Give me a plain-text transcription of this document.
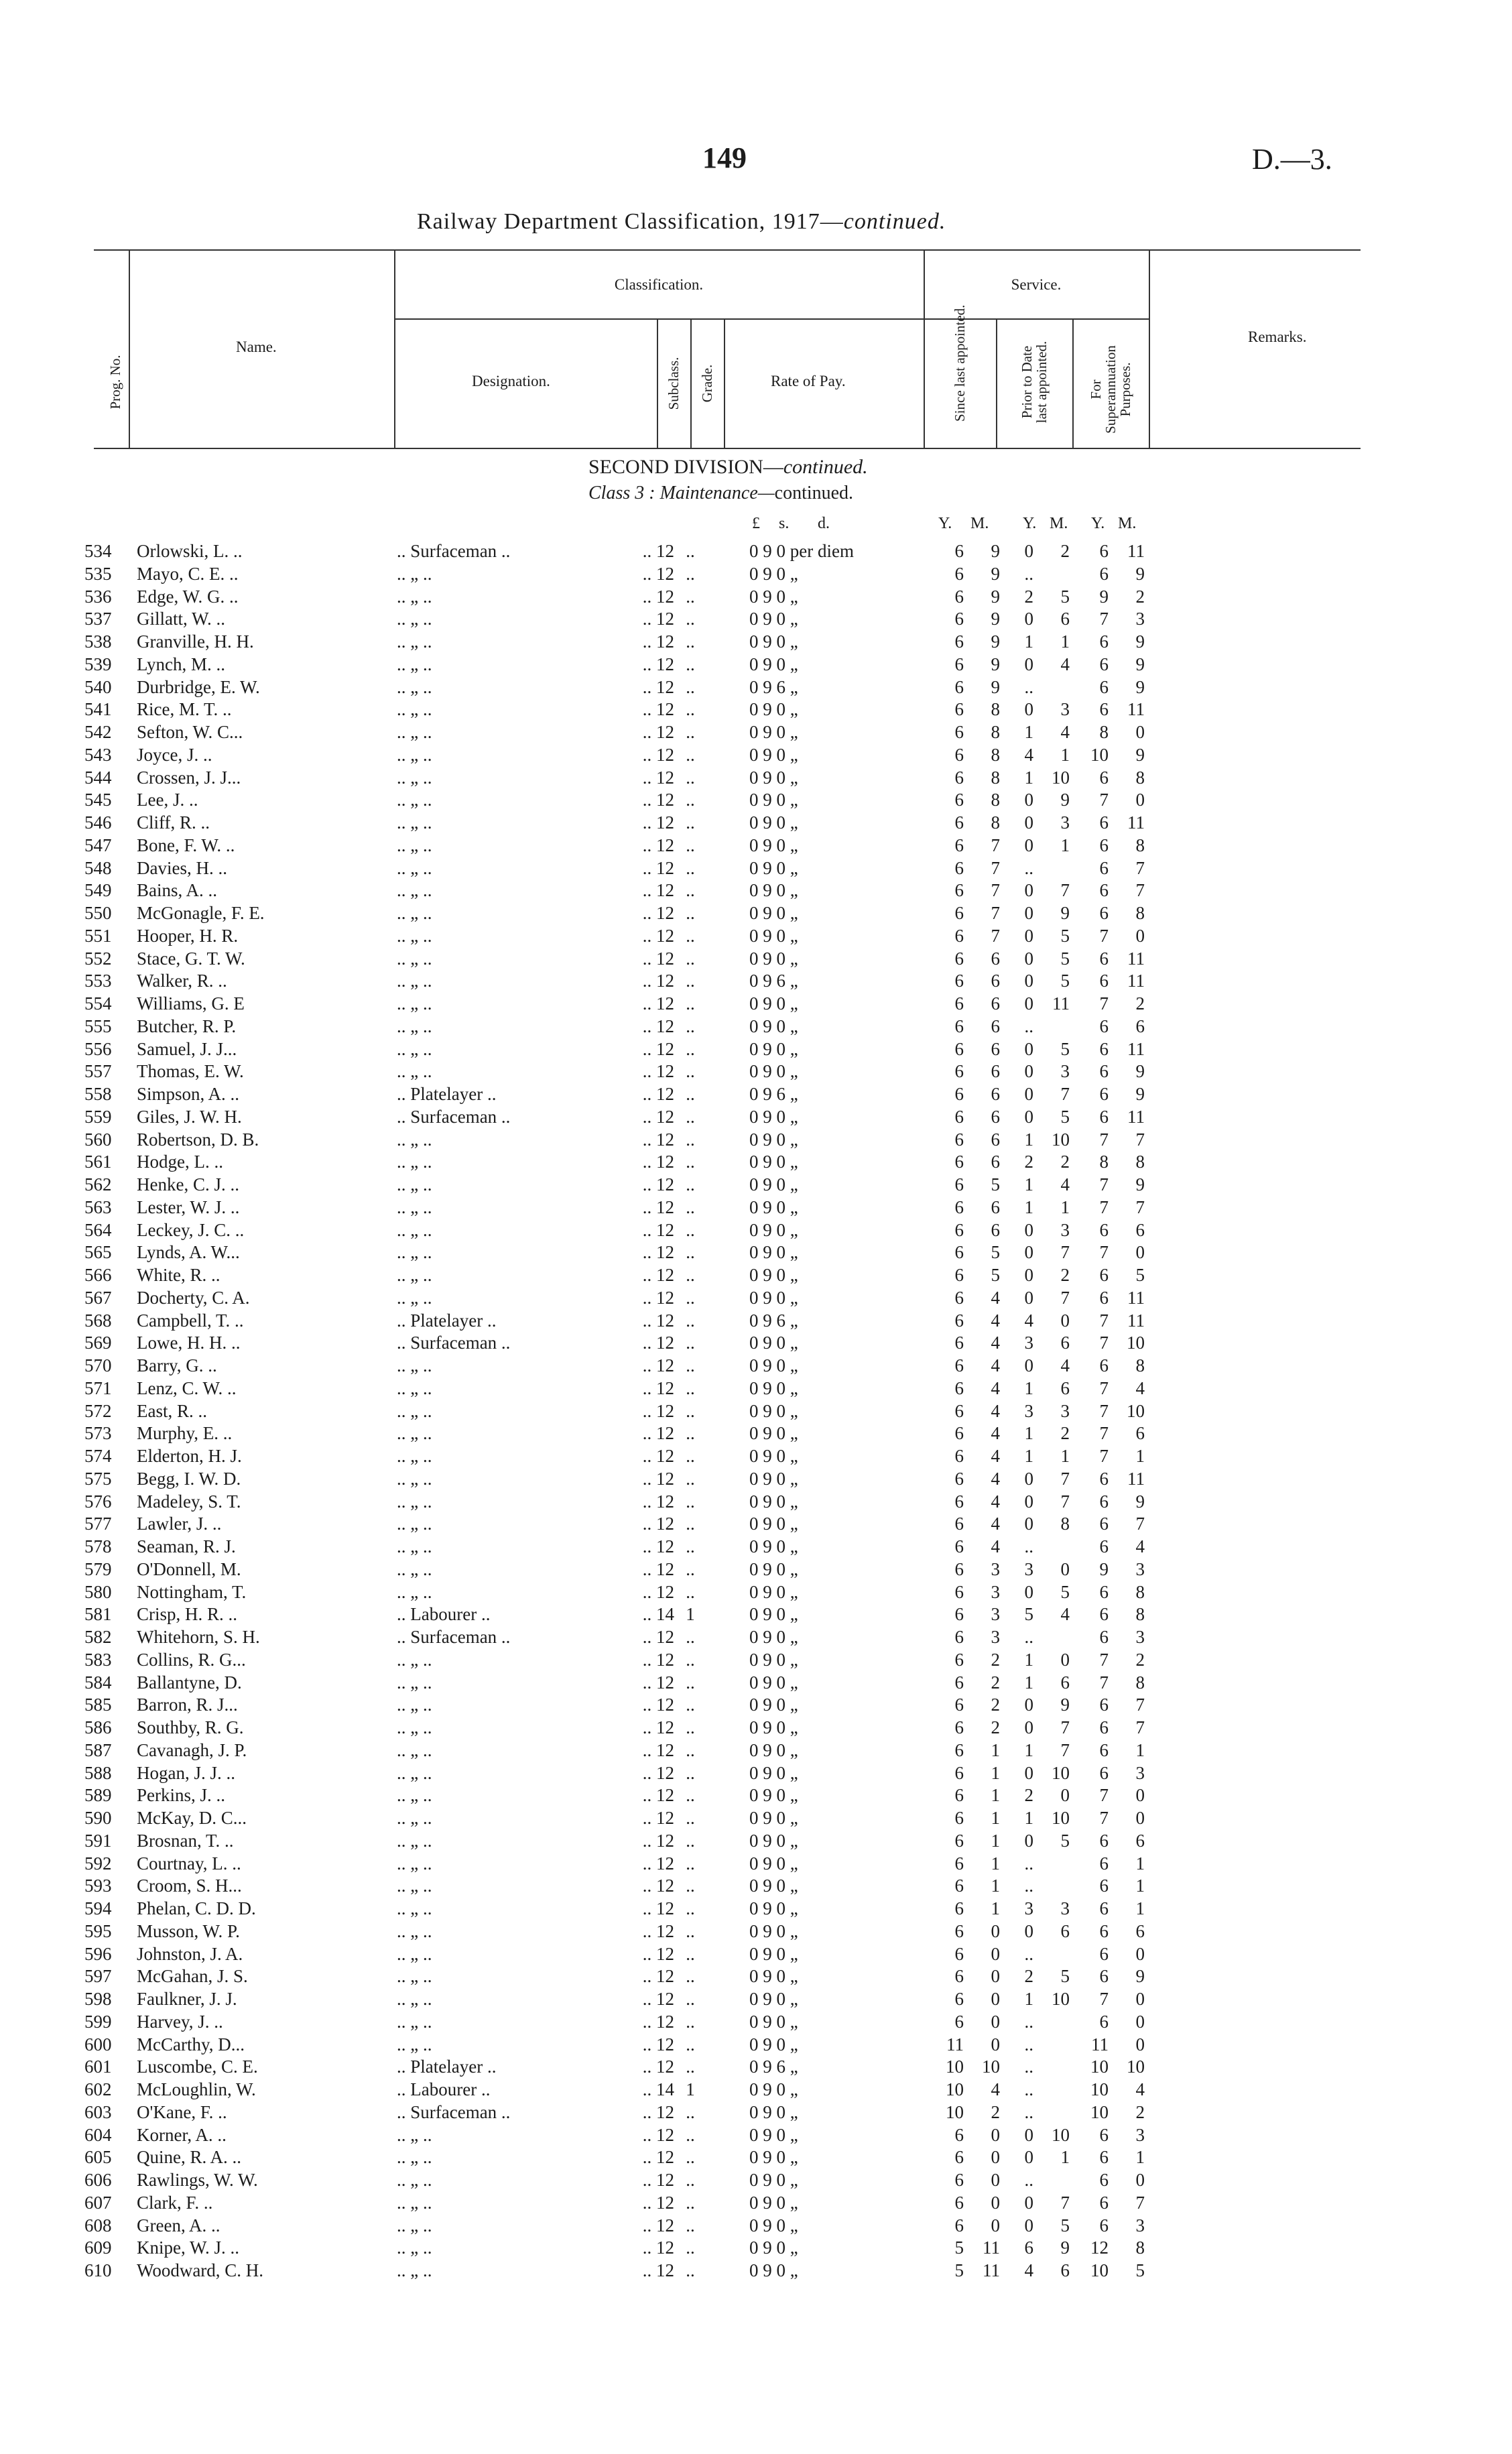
149	D.—3.
Railway Department Classification, 1917—continued.
Prog. No.
Name.
Classification.	Service.
Designation.	Subclass. Grade.	Rate of Pay.	Since last appointed.	Prior to Date last appointed.	For Superannuation Purposes.
Remarks.
SECOND DIVISION—continued.
Class 3 : Maintenance—continued.
£ s. d.	Y. M. Y. M. Y. M.
534 Orlowski, L. ..	.. Surfaceman ..	.. 12 ..	0 9 0 per diem	6	9	0	2	6	11
535 Mayo, C. E. ..	.. „ ..	.. 12 ..	0 9 0 „	6	9	..	6	9
536 Edge, W. G. ..	.. „ ..	.. 12 ..	0 9 0 „	6	9	2	5	9	2
537 Gillatt, W. ..	.. „ ..	.. 12 ..	0 9 0 „	6	9	0	6	7	3
538 Granville, H. H.	.. „ ..	.. 12 ..	0 9 0 „	6	9	1	1	6	9
539 Lynch, M. ..	.. „ ..	.. 12 ..	0 9 0 „	6	9	0	4	6	9
540 Durbridge, E. W.	.. „ ..	.. 12 ..	0 9 6 „	6	9	..	6	9
541 Rice, M. T. ..	.. „ ..	.. 12 ..	0 9 0 „	6	8	0	3	6	11
542 Sefton, W. C...	.. „ ..	.. 12 ..	0 9 0 „	6	8	1	4	8	0
543 Joyce, J. ..	.. „ ..	.. 12 ..	0 9 0 „	6	8	4	1	10	9
544 Crossen, J. J...	.. „ ..	.. 12 ..	0 9 0 „	6	8	1	10	6	8
545 Lee, J. ..	.. „ ..	.. 12 ..	0 9 0 „	6	8	0	9	7	0
546 Cliff, R. ..	.. „ ..	.. 12 ..	0 9 0 „	6	8	0	3	6	11
547 Bone, F. W. ..	.. „ ..	.. 12 ..	0 9 0 „	6	7	0	1	6	8
548 Davies, H. ..	.. „ ..	.. 12 ..	0 9 0 „	6	7	..	6	7
549 Bains, A. ..	.. „ ..	.. 12 ..	0 9 0 „	6	7	0	7	6	7
550 McGonagle, F. E.	.. „ ..	.. 12 ..	0 9 0 „	6	7	0	9	6	8
551 Hooper, H. R.	.. „ ..	.. 12 ..	0 9 0 „	6	7	0	5	7	0
552 Stace, G. T. W.	.. „ ..	.. 12 ..	0 9 0 „	6	6	0	5	6	11
553 Walker, R. ..	.. „ ..	.. 12 ..	0 9 6 „	6	6	0	5	6	11
554 Williams, G. E	.. „ ..	.. 12 ..	0 9 0 „	6	6	0	11	7	2
555 Butcher, R. P.	.. „ ..	.. 12 ..	0 9 0 „	6	6	..	6	6
556 Samuel, J. J...	.. „ ..	.. 12 ..	0 9 0 „	6	6	0	5	6	11
557 Thomas, E. W.	.. „ ..	.. 12 ..	0 9 0 „	6	6	0	3	6	9
558 Simpson, A. ..	.. Platelayer ..	.. 12 ..	0 9 6 „	6	6	0	7	6	9
559 Giles, J. W. H.	.. Surfaceman ..	.. 12 ..	0 9 0 „	6	6	0	5	6	11
560 Robertson, D. B.	.. „ ..	.. 12 ..	0 9 0 „	6	6	1	10	7	7
561 Hodge, L. ..	.. „ ..	.. 12 ..	0 9 0 „	6	6	2	2	8	8
562 Henke, C. J. ..	.. „ ..	.. 12 ..	0 9 0 „	6	5	1	4	7	9
563 Lester, W. J. ..	.. „ ..	.. 12 ..	0 9 0 „	6	6	1	1	7	7
564 Leckey, J. C. ..	.. „ ..	.. 12 ..	0 9 0 „	6	6	0	3	6	6
565 Lynds, A. W...	.. „ ..	.. 12 ..	0 9 0 „	6	5	0	7	7	0
566 White, R. ..	.. „ ..	.. 12 ..	0 9 0 „	6	5	0	2	6	5
567 Docherty, C. A.	.. „ ..	.. 12 ..	0 9 0 „	6	4	0	7	6	11
568 Campbell, T. ..	.. Platelayer ..	.. 12 ..	0 9 6 „	6	4	4	0	7	11
569 Lowe, H. H. ..	.. Surfaceman ..	.. 12 ..	0 9 0 „	6	4	3	6	7	10
570 Barry, G. ..	.. „ ..	.. 12 ..	0 9 0 „	6	4	0	4	6	8
571 Lenz, C. W. ..	.. „ ..	.. 12 ..	0 9 0 „	6	4	1	6	7	4
572 East, R. ..	.. „ ..	.. 12 ..	0 9 0 „	6	4	3	3	7	10
573 Murphy, E. ..	.. „ ..	.. 12 ..	0 9 0 „	6	4	1	2	7	6
574 Elderton, H. J.	.. „ ..	.. 12 ..	0 9 0 „	6	4	1	1	7	1
575 Begg, I. W. D.	.. „ ..	.. 12 ..	0 9 0 „	6	4	0	7	6	11
576 Madeley, S. T.	.. „ ..	.. 12 ..	0 9 0 „	6	4	0	7	6	9
577 Lawler, J. ..	.. „ ..	.. 12 ..	0 9 0 „	6	4	0	8	6	7
578 Seaman, R. J.	.. „ ..	.. 12 ..	0 9 0 „	6	4	..	6	4
579 O'Donnell, M.	.. „ ..	.. 12 ..	0 9 0 „	6	3	3	0	9	3
580 Nottingham, T.	.. „ ..	.. 12 ..	0 9 0 „	6	3	0	5	6	8
581 Crisp, H. R. ..	.. Labourer ..	.. 14 1	0 9 0 „	6	3	5	4	6	8
582 Whitehorn, S. H.	.. Surfaceman ..	.. 12 ..	0 9 0 „	6	3	..	6	3
583 Collins, R. G...	.. „ ..	.. 12 ..	0 9 0 „	6	2	1	0	7	2
584 Ballantyne, D.	.. „ ..	.. 12 ..	0 9 0 „	6	2	1	6	7	8
585 Barron, R. J...	.. „ ..	.. 12 ..	0 9 0 „	6	2	0	9	6	7
586 Southby, R. G.	.. „ ..	.. 12 ..	0 9 0 „	6	2	0	7	6	7
587 Cavanagh, J. P.	.. „ ..	.. 12 ..	0 9 0 „	6	1	1	7	6	1
588 Hogan, J. J. ..	.. „ ..	.. 12 ..	0 9 0 „	6	1	0	10	6	3
589 Perkins, J. ..	.. „ ..	.. 12 ..	0 9 0 „	6	1	2	0	7	0
590 McKay, D. C...	.. „ ..	.. 12 ..	0 9 0 „	6	1	1	10	7	0
591 Brosnan, T. ..	.. „ ..	.. 12 ..	0 9 0 „	6	1	0	5	6	6
592 Courtnay, L. ..	.. „ ..	.. 12 ..	0 9 0 „	6	1	..	6	1
593 Croom, S. H...	.. „ ..	.. 12 ..	0 9 0 „	6	1	..	6	1
594 Phelan, C. D. D.	.. „ ..	.. 12 ..	0 9 0 „	6	1	3	3	6	1
595 Musson, W. P.	.. „ ..	.. 12 ..	0 9 0 „	6	0	0	6	6	6
596 Johnston, J. A.	.. „ ..	.. 12 ..	0 9 0 „	6	0	..	6	0
597 McGahan, J. S.	.. „ ..	.. 12 ..	0 9 0 „	6	0	2	5	6	9
598 Faulkner, J. J.	.. „ ..	.. 12 ..	0 9 0 „	6	0	1	10	7	0
599 Harvey, J. ..	.. „ ..	.. 12 ..	0 9 0 „	6	0	..	6	0
600 McCarthy, D...	.. „ ..	.. 12 ..	0 9 0 „	11	0	..	11	0
601 Luscombe, C. E.	.. Platelayer ..	.. 12 ..	0 9 6 „	10	10	..	10	10
602 McLoughlin, W.	.. Labourer ..	.. 14 1	0 9 0 „	10	4	..	10	4
603 O'Kane, F. ..	.. Surfaceman ..	.. 12 ..	0 9 0 „	10	2	..	10	2
604 Korner, A. ..	.. „ ..	.. 12 ..	0 9 0 „	6	0	0	10	6	3
605 Quine, R. A. ..	.. „ ..	.. 12 ..	0 9 0 „	6	0	0	1	6	1
606 Rawlings, W. W.	.. „ ..	.. 12 ..	0 9 0 „	6	0	..	6	0
607 Clark, F. ..	.. „ ..	.. 12 ..	0 9 0 „	6	0	0	7	6	7
608 Green, A. ..	.. „ ..	.. 12 ..	0 9 0 „	6	0	0	5	6	3
609 Knipe, W. J. ..	.. „ ..	.. 12 ..	0 9 0 „	5	11	6	9	12	8
610 Woodward, C. H.	.. „ ..	.. 12 ..	0 9 0 „	5	11	4	6	10	5
